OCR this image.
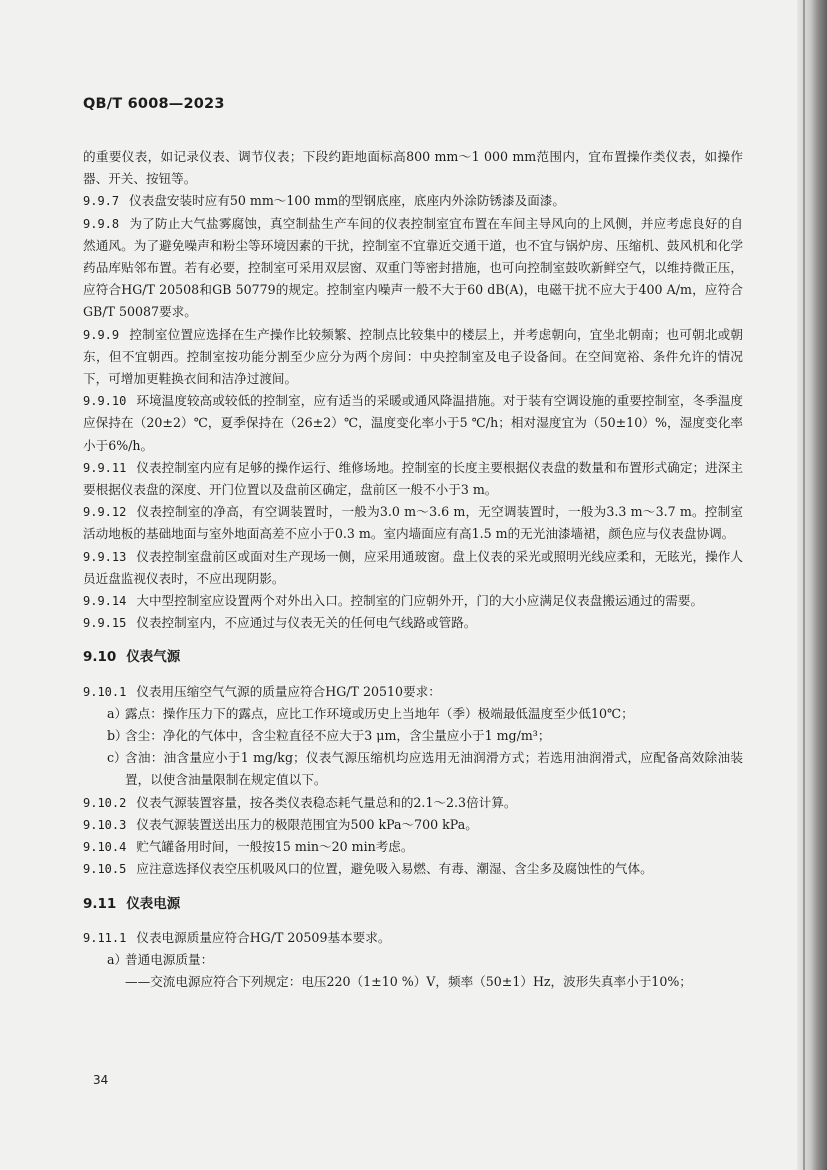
QB/T 6008—2023

的重要仪表，如记录仪表、调节仪表；下段约距地面标高800 mm～1 000 mm范围内，宜布置操作类仪表，如操作器、开关、按钮等。

9.9.7 仪表盘安装时应有50 mm～100 mm的型钢底座，底座内外涂防锈漆及面漆。

9.9.8 为了防止大气盐雾腐蚀，真空制盐生产车间的仪表控制室宜布置在车间主导风向的上风侧，并应考虑良好的自然通风。为了避免噪声和粉尘等环境因素的干扰，控制室不宜靠近交通干道，也不宜与锅炉房、压缩机、鼓风机和化学药品库贴邻布置。若有必要，控制室可采用双层窗、双重门等密封措施，也可向控制室鼓吹新鲜空气，以维持微正压，应符合HG/T 20508和GB 50779的规定。控制室内噪声一般不大于60 dB(A)，电磁干扰不应大于400 A/m，应符合GB/T 50087要求。

9.9.9 控制室位置应选择在生产操作比较频繁、控制点比较集中的楼层上，并考虑朝向，宜坐北朝南；也可朝北或朝东，但不宜朝西。控制室按功能分割至少应分为两个房间：中央控制室及电子设备间。在空间宽裕、条件允许的情况下，可增加更鞋换衣间和洁净过渡间。

9.9.10 环境温度较高或较低的控制室，应有适当的采暖或通风降温措施。对于装有空调设施的重要控制室，冬季温度应保持在（20±2）℃，夏季保持在（26±2）℃，温度变化率小于5 ℃/h；相对湿度宜为（50±10）%，湿度变化率小于6%/h。

9.9.11 仪表控制室内应有足够的操作运行、维修场地。控制室的长度主要根据仪表盘的数量和布置形式确定；进深主要根据仪表盘的深度、开门位置以及盘前区确定，盘前区一般不小于3 m。

9.9.12 仪表控制室的净高，有空调装置时，一般为3.0 m～3.6 m，无空调装置时，一般为3.3 m～3.7 m。控制室活动地板的基础地面与室外地面高差不应小于0.3 m。室内墙面应有高1.5 m的无光油漆墙裙，颜色应与仪表盘协调。

9.9.13 仪表控制室盘前区或面对生产现场一侧，应采用通玻窗。盘上仪表的采光或照明光线应柔和，无眩光，操作人员近盘监视仪表时，不应出现阴影。

9.9.14 大中型控制室应设置两个对外出入口。控制室的门应朝外开，门的大小应满足仪表盘搬运通过的需要。

9.9.15 仪表控制室内，不应通过与仪表无关的任何电气线路或管路。

9.10 仪表气源

9.10.1 仪表用压缩空气气源的质量应符合HG/T 20510要求：

a）
露点：操作压力下的露点，应比工作环境或历史上当地年（季）极端最低温度至少低10℃；
b）
含尘：净化的气体中，含尘粒直径不应大于3 μm，含尘量应小于1 mg/m³；
c）
含油：油含量应小于1 mg/kg；仪表气源压缩机均应选用无油润滑方式；若选用油润滑式，应配备高效除油装置，以使含油量限制在规定值以下。

9.10.2 仪表气源装置容量，按各类仪表稳态耗气量总和的2.1～2.3倍计算。

9.10.3 仪表气源装置送出压力的极限范围宜为500 kPa～700 kPa。

9.10.4 贮气罐备用时间，一般按15 min～20 min考虑。

9.10.5 应注意选择仪表空压机吸风口的位置，避免吸入易燃、有毒、潮湿、含尘多及腐蚀性的气体。

9.11 仪表电源

9.11.1 仪表电源质量应符合HG/T 20509基本要求。

a）
普通电源质量：
——交流电源应符合下列规定：电压220（1±10 %）V，频率（50±1）Hz，波形失真率小于10%；
34
